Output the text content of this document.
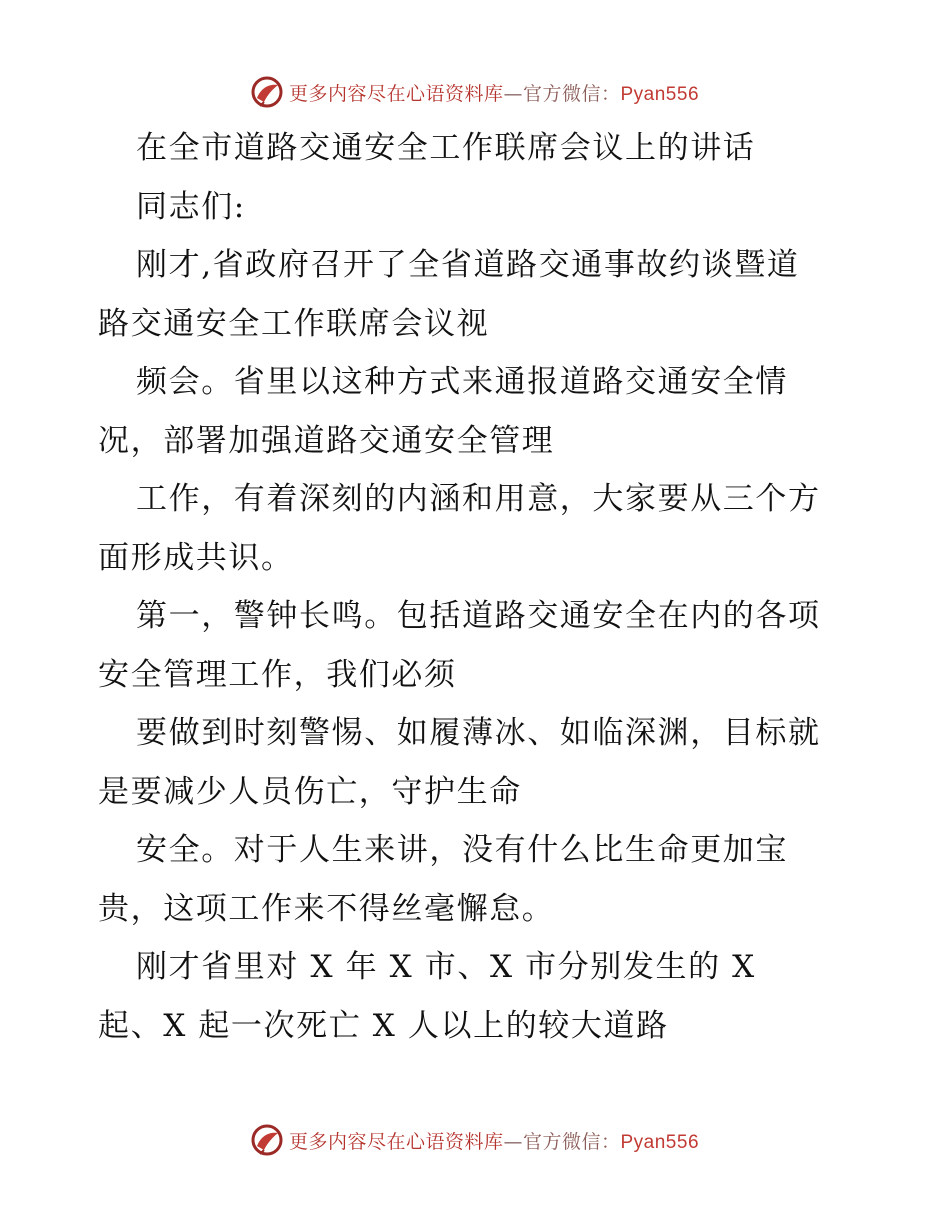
更多内容尽在心语资料库—官方微信：Pyan556
在全市道路交通安全工作联席会议上的讲话
同志们:
刚才,省政府召开了全省道路交通事故约谈暨道
路交通安全工作联席会议视
频会。省里以这种方式来通报道路交通安全情
况，部署加强道路交通安全管理
工作，有着深刻的内涵和用意，大家要从三个方
面形成共识。
第一，警钟长鸣。包括道路交通安全在内的各项
安全管理工作，我们必须
要做到时刻警惕、如履薄冰、如临深渊，目标就
是要减少人员伤亡，守护生命
安全。对于人生来讲，没有什么比生命更加宝
贵，这项工作来不得丝毫懈怠。
刚才省里对 X 年 X 市、X 市分别发生的 X
起、X 起一次死亡 X 人以上的较大道路
更多内容尽在心语资料库—官方微信：Pyan556
